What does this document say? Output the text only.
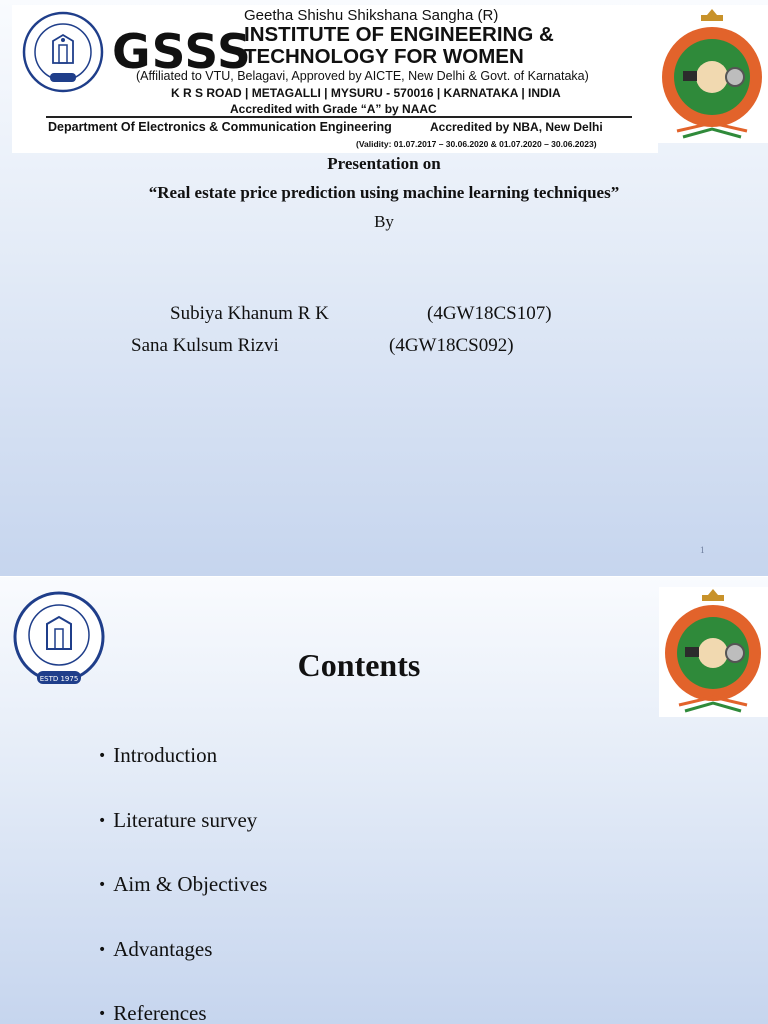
GSSS
Geetha Shishu Shikshana Sangha (R)
INSTITUTE OF ENGINEERING &
TECHNOLOGY FOR WOMEN
(Affiliated to VTU, Belagavi, Approved by AICTE, New Delhi & Govt. of Karnataka)
K R S ROAD | METAGALLI | MYSURU - 570016 | KARNATAKA | INDIA
Accredited with Grade “A” by NAAC
Department Of Electronics & Communication Engineering	Accredited by NBA, New Delhi
(Validity: 01.07.2017 – 30.06.2020 & 01.07.2020 – 30.06.2023)
Presentation on
“Real estate price prediction using machine learning techniques”
By
Subiya Khanum R K	(4GW18CS107)
Sana Kulsum Rizvi	(4GW18CS092)
1
ESTD 1975	Contents
• Introduction
• Literature survey
• Aim & Objectives
• Advantages
• References
